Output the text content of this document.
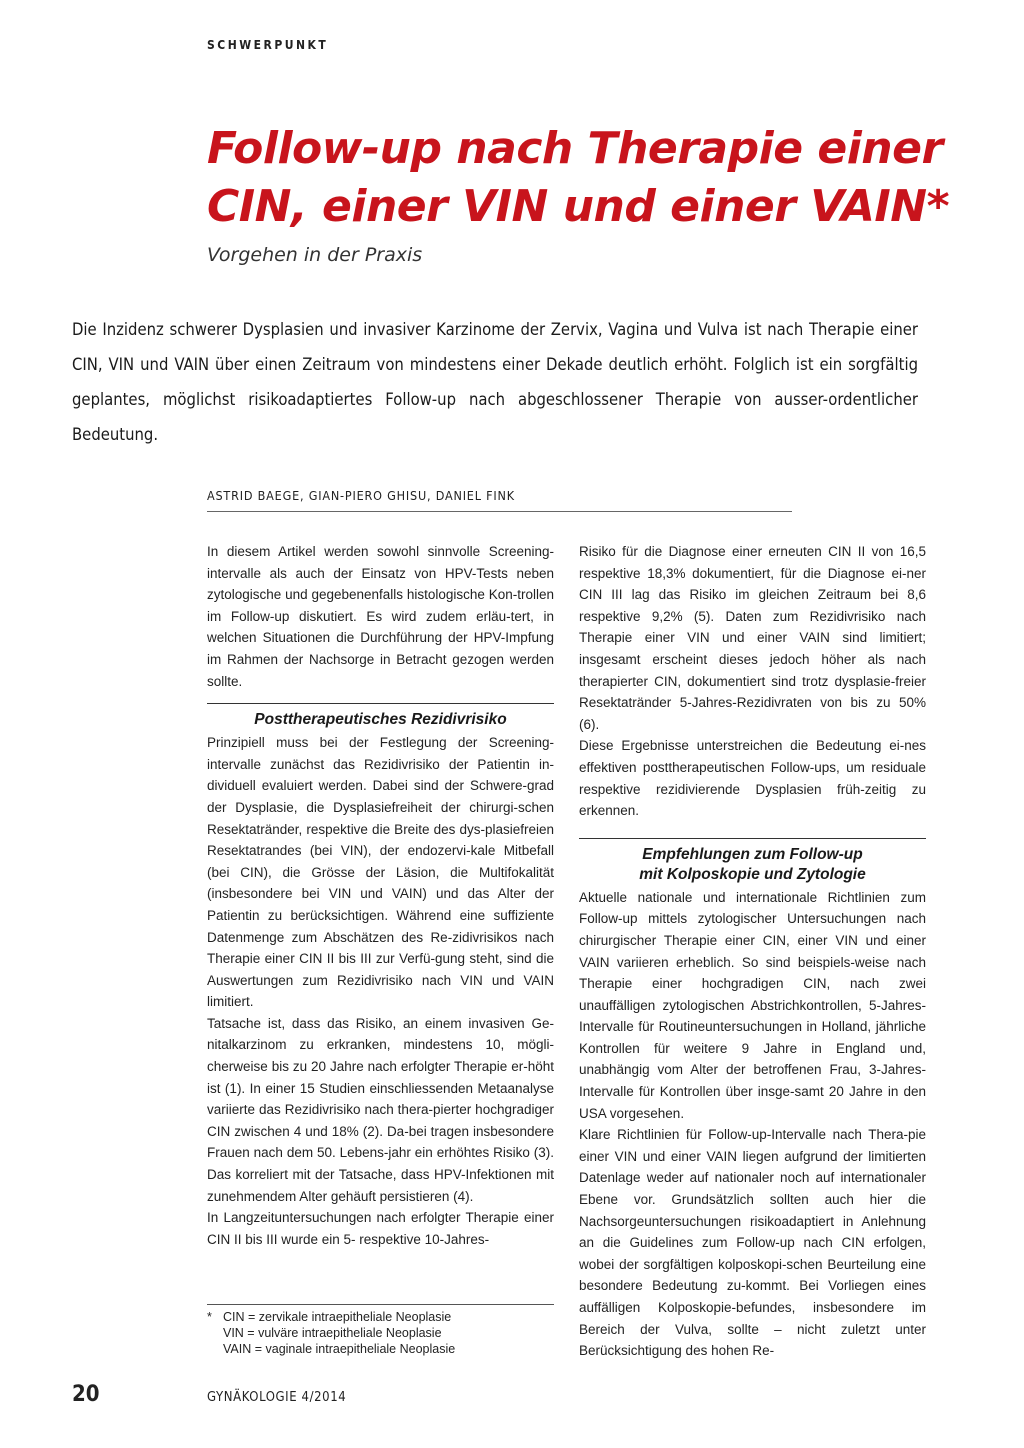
SCHWERPUNKT
Follow-up nach Therapie einer
CIN, einer VIN und einer VAIN*
Vorgehen in der Praxis

Die Inzidenz schwerer Dysplasien und invasiver Karzinome der Zervix, Vagina und Vulva ist nach Therapie einer CIN, VIN und VAIN über einen Zeitraum von mindestens einer Dekade deutlich erhöht. Folglich ist ein sorgfältig geplantes, möglichst risikoadaptiertes Follow-up nach abgeschlossener Therapie von ausser-ordentlicher Bedeutung.

ASTRID BAEGE, GIAN-PIERO GHISU, DANIEL FINK

In diesem Artikel werden sowohl sinnvolle Screening-intervalle als auch der Einsatz von HPV-Tests neben zytologische und gegebenenfalls histologische Kon-trollen im Follow-up diskutiert. Es wird zudem erläu-tert, in welchen Situationen die Durchführung der HPV-Impfung im Rahmen der Nachsorge in Betracht gezogen werden sollte.

Posttherapeutisches Rezidivrisiko

Prinzipiell muss bei der Festlegung der Screening-intervalle zunächst das Rezidivrisiko der Patientin in-dividuell evaluiert werden. Dabei sind der Schwere-grad der Dysplasie, die Dysplasiefreiheit der chirurgi-schen Resektatränder, respektive die Breite des dys-plasiefreien Resektatrandes (bei VIN), der endozervi-kale Mitbefall (bei CIN), die Grösse der Läsion, die Multifokalität (insbesondere bei VIN und VAIN) und das Alter der Patientin zu berücksichtigen. Während eine suffiziente Datenmenge zum Abschätzen des Re-zidivrisikos nach Therapie einer CIN II bis III zur Verfü-gung steht, sind die Auswertungen zum Rezidivrisiko nach VIN und VAIN limitiert.

Tatsache ist, dass das Risiko, an einem invasiven Ge-nitalkarzinom zu erkranken, mindestens 10, mögli-cherweise bis zu 20 Jahre nach erfolgter Therapie er-höht ist (1). In einer 15 Studien einschliessenden Metaanalyse variierte das Rezidivrisiko nach thera-pierter hochgradiger CIN zwischen 4 und 18% (2). Da-bei tragen insbesondere Frauen nach dem 50. Lebens-jahr ein erhöhtes Risiko (3). Das korreliert mit der Tatsache, dass HPV-Infektionen mit zunehmendem Alter gehäuft persistieren (4).

In Langzeituntersuchungen nach erfolgter Therapie einer CIN II bis III wurde ein 5- respektive 10-Jahres-

Risiko für die Diagnose einer erneuten CIN II von 16,5 respektive 18,3% dokumentiert, für die Diagnose ei-ner CIN III lag das Risiko im gleichen Zeitraum bei 8,6 respektive 9,2% (5). Daten zum Rezidivrisiko nach Therapie einer VIN und einer VAIN sind limitiert; insgesamt erscheint dieses jedoch höher als nach therapierter CIN, dokumentiert sind trotz dysplasie-freier Resektatränder 5-Jahres-Rezidivraten von bis zu 50% (6).

Diese Ergebnisse unterstreichen die Bedeutung ei-nes effektiven posttherapeutischen Follow-ups, um residuale respektive rezidivierende Dysplasien früh-zeitig zu erkennen.

Empfehlungen zum Follow-up
mit Kolposkopie und Zytologie

Aktuelle nationale und internationale Richtlinien zum Follow-up mittels zytologischer Untersuchungen nach chirurgischer Therapie einer CIN, einer VIN und einer VAIN variieren erheblich. So sind beispiels-weise nach Therapie einer hochgradigen CIN, nach zwei unauffälligen zytologischen Abstrichkontrollen, 5-Jahres-Intervalle für Routineuntersuchungen in Holland, jährliche Kontrollen für weitere 9 Jahre in England und, unabhängig vom Alter der betroffenen Frau, 3-Jahres-Intervalle für Kontrollen über insge-samt 20 Jahre in den USA vorgesehen.

Klare Richtlinien für Follow-up-Intervalle nach Thera-pie einer VIN und einer VAIN liegen aufgrund der limitierten Datenlage weder auf nationaler noch auf internationaler Ebene vor. Grundsätzlich sollten auch hier die Nachsorgeuntersuchungen risikoadaptiert in Anlehnung an die Guidelines zum Follow-up nach CIN erfolgen, wobei der sorgfältigen kolposkopi-schen Beurteilung eine besondere Bedeutung zu-kommt. Bei Vorliegen eines auffälligen Kolposkopie-befundes, insbesondere im Bereich der Vulva, sollte – nicht zuletzt unter Berücksichtigung des hohen Re-

* CIN = zervikale intraepitheliale Neoplasie
VIN = vulväre intraepitheliale Neoplasie
VAIN = vaginale intraepitheliale Neoplasie
20	GYNÄKOLOGIE 4/2014
